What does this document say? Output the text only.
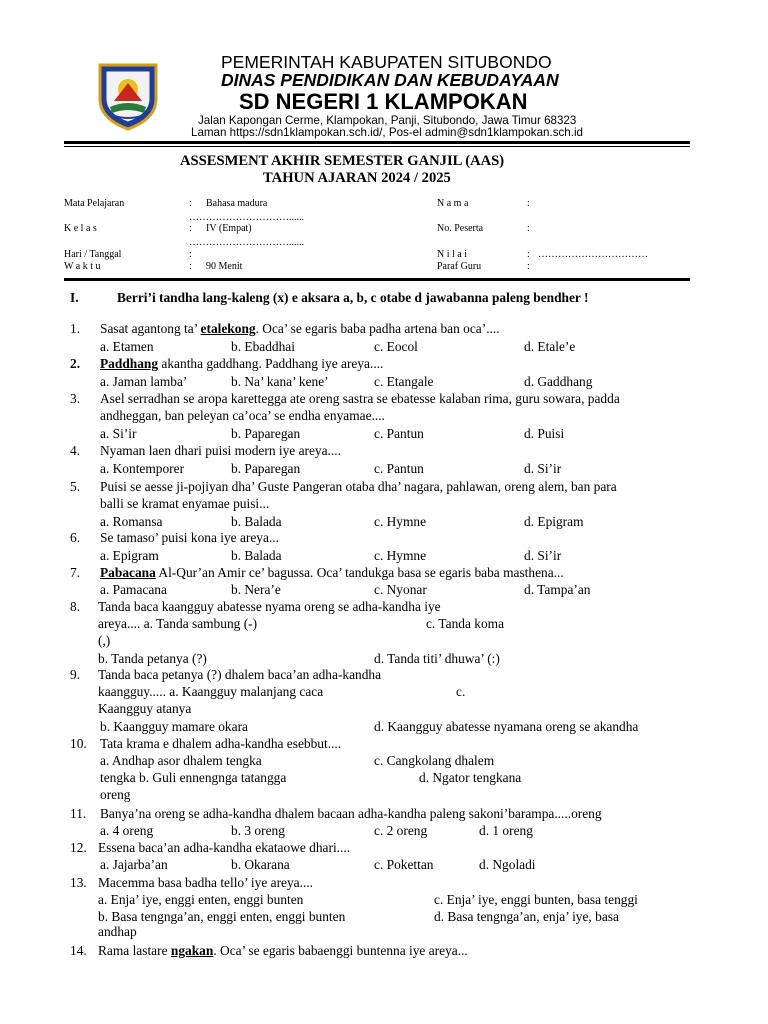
PEMERINTAH KABUPATEN SITUBONDO
DINAS PENDIDIKAN DAN KEBUDAYAAN
SD NEGERI 1 KLAMPOKAN
Jalan Kapongan Cerme, Klampokan, Panji, Situbondo, Jawa Timur 68323
Laman https://sdn1klampokan.sch.id/, Pos-el admin@sdn1klampokan.sch.id
ASSESMENT AKHIR SEMESTER GANJIL (AAS)
TAHUN AJARAN 2024 / 2025
Mata Pelajaran	: Bahasa madura	N a m a	:
…………………………......
K e l a s	: IV (Empat)	No. Peserta	:
…………………………......
Hari / Tanggal	:	N i l a i	: ……………………………
W a k t u	: 90 Menit	Paraf Guru	:
I.	Berri’i tandha lang-kaleng (x) e aksara a, b, c otabe d jawabanna paleng bendher !
1. Sasat agantong ta’ etalekong. Oca’ se egaris baba padha artena ban oca’....
a. Etamen	b. Ebaddhai	c. Eocol	d. Etale’e
2. Paddhang akantha gaddhang. Paddhang iye areya....
a. Jaman lamba’	b. Na’ kana’ kene’	c. Etangale	d. Gaddhang
3. Asel serradhan se aropa karettegga ate oreng sastra se ebatesse kalaban rima, guru sowara, padda
andheggan, ban peleyan ca’oca’ se endha enyamae....
a. Si’ir	b. Paparegan	c. Pantun	d. Puisi
4. Nyaman laen dhari puisi modern iye areya....
a. Kontemporer	b. Paparegan	c. Pantun	d. Si’ir
5. Puisi se aesse ji-pojiyan dha’ Guste Pangeran otaba dha’ nagara, pahlawan, oreng alem, ban para
balli se kramat enyamae puisi...
a. Romansa	b. Balada	c. Hymne	d. Epigram
6. Se tamaso’ puisi kona iye areya...
a. Epigram	b. Balada	c. Hymne	d. Si’ir
7. Pabacana Al-Qur’an Amir ce’ bagussa. Oca’ tandukga basa se egaris baba masthena...
a. Pamacana	b. Nera’e	c. Nyonar	d. Tampa’an
8. Tanda baca kaangguy abatesse nyama oreng se adha-kandha iye
areya.... a. Tanda sambung (-)	c. Tanda koma
(,)
b. Tanda petanya (?)	d. Tanda titi’ dhuwa’ (:)
9. Tanda baca petanya (?) dhalem baca’an adha-kandha
kaangguy..... a. Kaangguy malanjang caca	c.
Kaangguy atanya
b. Kaangguy mamare okara	d. Kaangguy abatesse nyamana oreng se akandha
10. Tata krama e dhalem adha-kandha esebbut....
a. Andhap asor dhalem tengka	c. Cangkolang dhalem
tengka b. Guli ennengnga tatangga	d. Ngator tengkana
oreng
11. Banya’na oreng se adha-kandha dhalem bacaan adha-kandha paleng sakoni’barampa.....oreng
a. 4 oreng	b. 3 oreng	c. 2 oreng	d. 1 oreng
12. Essena baca’an adha-kandha ekataowe dhari....
a. Jajarba’an	b. Okarana	c. Pokettan	d. Ngoladi
13. Macemma basa badha tello’ iye areya....
a. Enja’ iye, enggi enten, enggi bunten	c. Enja’ iye, enggi bunten, basa tenggi
b. Basa tengnga’an, enggi enten, enggi bunten	d. Basa tengnga’an, enja’ iye, basa
andhap
14. Rama lastare ngakan. Oca’ se egaris babaenggi buntenna iye areya...
